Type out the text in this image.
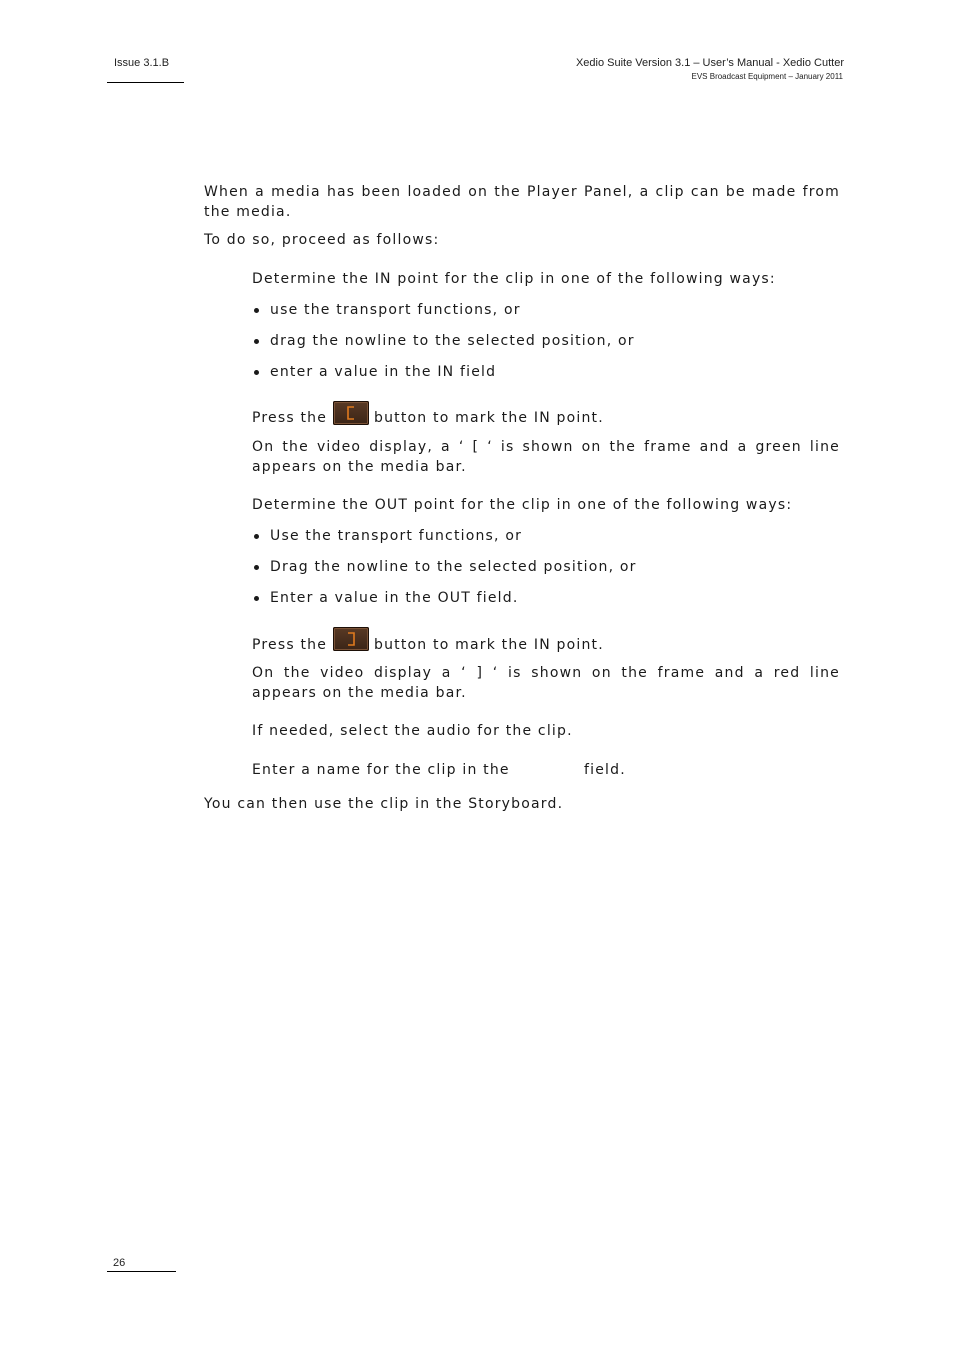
Issue 3.1.B	Xedio Suite Version 3.1 – User’s Manual - Xedio Cutter
EVS Broadcast Equipment – January 2011
When a media has been loaded on the Player Panel, a clip can be made from the media.
To do so, proceed as follows:
Determine the IN point for the clip in one of the following ways:
use the transport functions, or
drag the nowline to the selected position, or
enter a value in the IN field
Press the	button to mark the IN point.
On the video display, a ‘ [ ‘ is shown on the frame and a green line appears on the media bar.
Determine the OUT point for the clip in one of the following ways:
Use the transport functions, or
Drag the nowline to the selected position, or
Enter a value in the OUT field.
Press the	button to mark the IN point.
On the video display a ‘ ] ‘ is shown on the frame and a red line appears on the media bar.
If needed, select the audio for the clip.
Enter a name for the clip in the	field.
You can then use the clip in the Storyboard.
26
